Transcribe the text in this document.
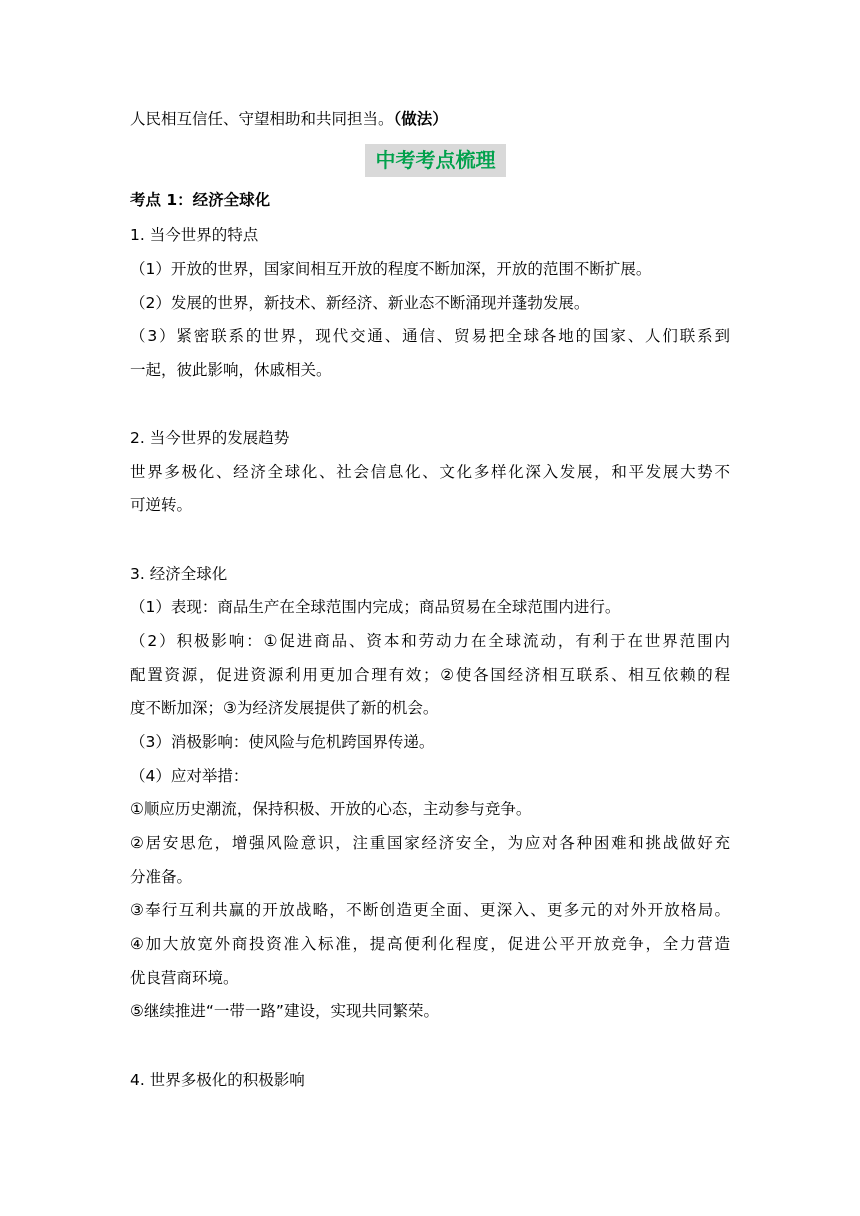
人民相互信任、守望相助和共同担当。（做法）
中考考点梳理
考点 1：经济全球化
1. 当今世界的特点
（1）开放的世界，国家间相互开放的程度不断加深，开放的范围不断扩展。
（2）发展的世界，新技术、新经济、新业态不断涌现并蓬勃发展。
（3）紧密联系的世界，现代交通、通信、贸易把全球各地的国家、人们联系到
一起，彼此影响，休戚相关。
2. 当今世界的发展趋势
世界多极化、经济全球化、社会信息化、文化多样化深入发展，和平发展大势不
可逆转。
3. 经济全球化
（1）表现：商品生产在全球范围内完成；商品贸易在全球范围内进行。
（2）积极影响：①促进商品、资本和劳动力在全球流动，有利于在世界范围内
配置资源，促进资源利用更加合理有效；②使各国经济相互联系、相互依赖的程
度不断加深；③为经济发展提供了新的机会。
（3）消极影响：使风险与危机跨国界传递。
（4）应对举措：
①顺应历史潮流，保持积极、开放的心态，主动参与竞争。
②居安思危，增强风险意识，注重国家经济安全，为应对各种困难和挑战做好充
分准备。
③奉行互利共赢的开放战略，不断创造更全面、更深入、更多元的对外开放格局。
④加大放宽外商投资准入标准，提高便利化程度，促进公平开放竞争，全力营造
优良营商环境。
⑤继续推进“一带一路”建设，实现共同繁荣。
4. 世界多极化的积极影响
